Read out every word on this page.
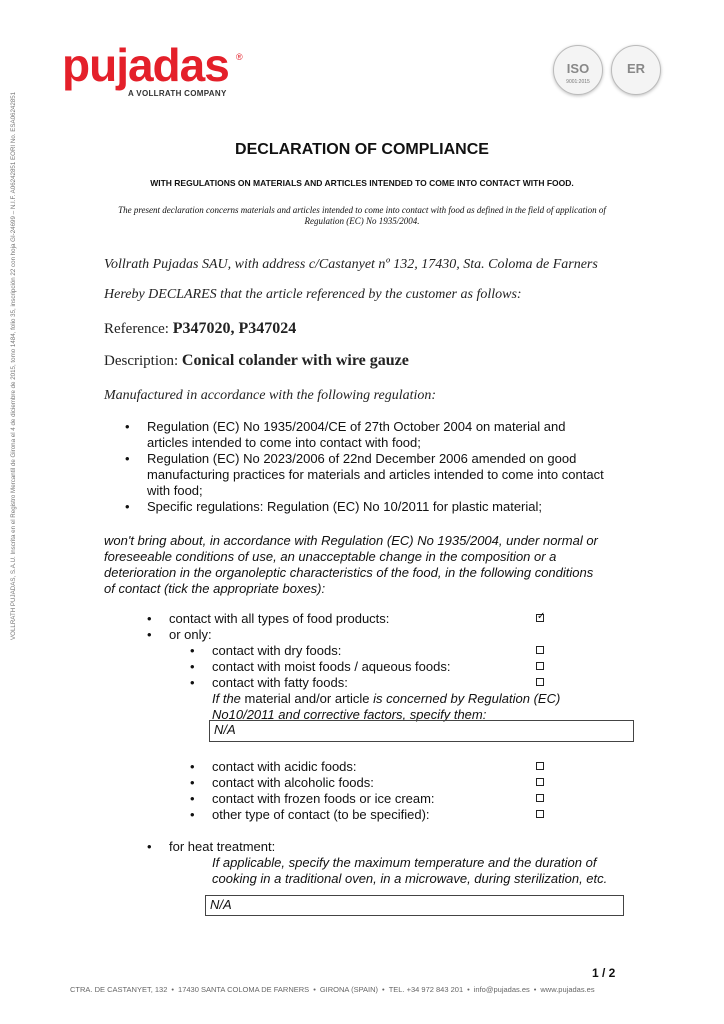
pujadas ®
A VOLLRATH COMPANY
ISO
9001:2015
ER
DECLARATION OF COMPLIANCE
WITH REGULATIONS ON MATERIALS AND ARTICLES INTENDED TO COME INTO CONTACT WITH FOOD.
The present declaration concerns materials and articles intended to come into contact with food as defined in the field of application of Regulation (EC) No 1935/2004.
Vollrath Pujadas SAU, with address c/Castanyet nº 132, 17430, Sta. Coloma de Farners
Hereby DECLARES that the article referenced by the customer as follows:
Reference: P347020, P347024
Description: Conical colander with wire gauze
Manufactured in accordance with the following regulation:
• Regulation (EC) No 1935/2004/CE of 27th October 2004 on material and
articles intended to come into contact with food;
• Regulation (EC) No 2023/2006 of 22nd December 2006 amended on good
manufacturing practices for materials and articles intended to come into contact
with food;
• Specific regulations: Regulation (EC) No 10/2011 for plastic material;
won't bring about, in accordance with Regulation (EC) No 1935/2004, under normal or
foreseeable conditions of use, an unacceptable change in the composition or a
deterioration in the organoleptic characteristics of the food, in the following conditions
of contact (tick the appropriate boxes):
• contact with all types of food products:
✓
• or only:
• contact with dry foods:
• contact with moist foods / aqueous foods:
• contact with fatty foods:
If the material and/or article is concerned by Regulation (EC)
No10/2011 and corrective factors, specify them:
N/A
• contact with acidic foods:
• contact with alcoholic foods:
• contact with frozen foods or ice cream:
• other type of contact (to be specified):
• for heat treatment:
If applicable, specify the maximum temperature and the duration of
cooking in a traditional oven, in a microwave, during sterilization, etc.
N/A
VOLLRATH PUJADAS, S.A.U. Inscrita en el Registro Mercantil de Girona el 4 de diciembre de 2015, tomo 1484, folio 35, inscripción 22 con hoja GI-24699 – N.I.F. A06242851 EORI No. ESA06242851
1 / 2
CTRA. DE CASTANYET, 132 • 17430 SANTA COLOMA DE FARNERS • GIRONA (SPAIN) • TEL. +34 972 843 201 • info@pujadas.es • www.pujadas.es
